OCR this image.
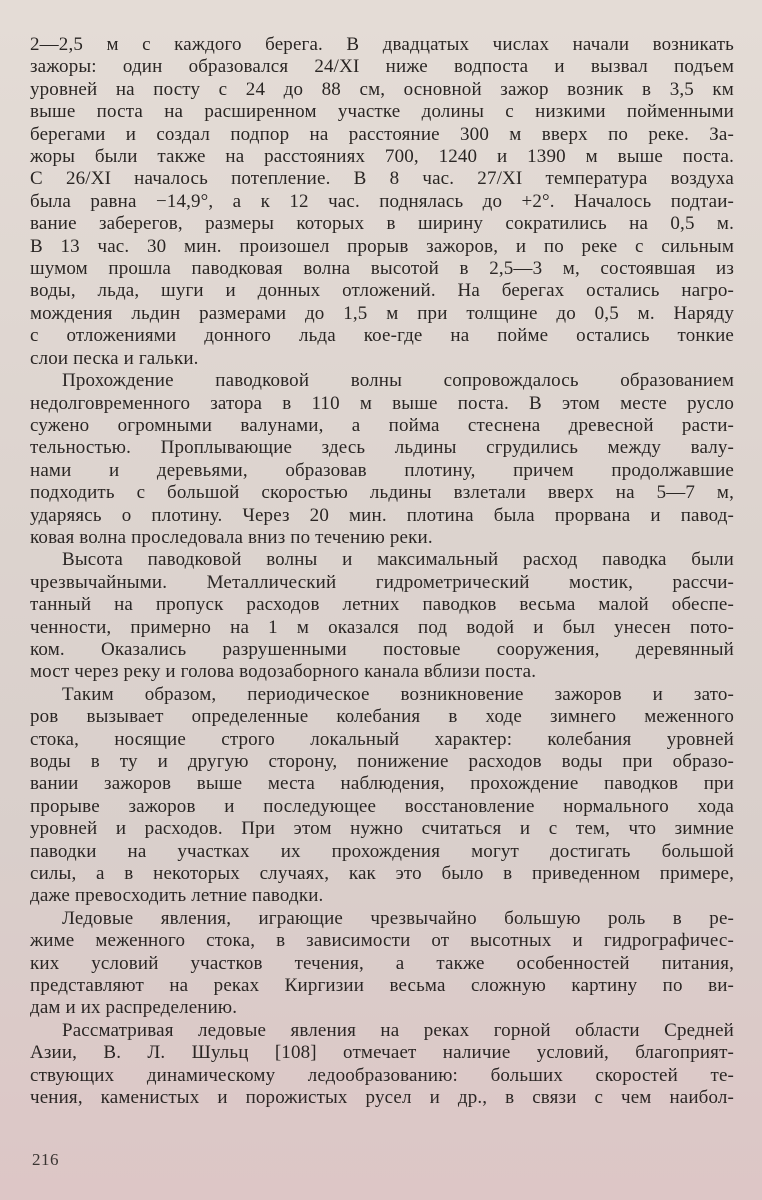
2—2,5 м с каждого берега. В двадцатых числах начали возникать
зажоры: один образовался 24/XI ниже водпоста и вызвал подъем
уровней на посту с 24 до 88 см, основной зажор возник в 3,5 км
выше поста на расширенном участке долины с низкими пойменными
берегами и создал подпор на расстояние 300 м вверх по реке. За-
жоры были также на расстояниях 700, 1240 и 1390 м выше поста.
С 26/XI началось потепление. В 8 час. 27/XI температура воздуха
была равна −14,9°, а к 12 час. поднялась до +2°. Началось подтаи-
вание заберегов, размеры которых в ширину сократились на 0,5 м.
В 13 час. 30 мин. произошел прорыв зажоров, и по реке с сильным
шумом прошла паводковая волна высотой в 2,5—3 м, состоявшая из
воды, льда, шуги и донных отложений. На берегах остались нагро-
мождения льдин размерами до 1,5 м при толщине до 0,5 м. Наряду
с отложениями донного льда кое-где на пойме остались тонкие
слои песка и гальки.

Прохождение паводковой волны сопровождалось образованием
недолговременного затора в 110 м выше поста. В этом месте русло
сужено огромными валунами, а пойма стеснена древесной расти-
тельностью. Проплывающие здесь льдины сгрудились между валу-
нами и деревьями, образовав плотину, причем продолжавшие
подходить с большой скоростью льдины взлетали вверх на 5—7 м,
ударяясь о плотину. Через 20 мин. плотина была прорвана и павод-
ковая волна проследовала вниз по течению реки.

Высота паводковой волны и максимальный расход паводка были
чрезвычайными. Металлический гидрометрический мостик, рассчи-
танный на пропуск расходов летних паводков весьма малой обеспе-
ченности, примерно на 1 м оказался под водой и был унесен пото-
ком. Оказались разрушенными постовые сооружения, деревянный
мост через реку и голова водозаборного канала вблизи поста.

Таким образом, периодическое возникновение зажоров и зато-
ров вызывает определенные колебания в ходе зимнего меженного
стока, носящие строго локальный характер: колебания уровней
воды в ту и другую сторону, понижение расходов воды при образо-
вании зажоров выше места наблюдения, прохождение паводков при
прорыве зажоров и последующее восстановление нормального хода
уровней и расходов. При этом нужно считаться и с тем, что зимние
паводки на участках их прохождения могут достигать большой
силы, а в некоторых случаях, как это было в приведенном примере,
даже превосходить летние паводки.

Ледовые явления, играющие чрезвычайно большую роль в ре-
жиме меженного стока, в зависимости от высотных и гидрографичес-
ких условий участков течения, а также особенностей питания,
представляют на реках Киргизии весьма сложную картину по ви-
дам и их распределению.

Рассматривая ледовые явления на реках горной области Средней
Азии, В. Л. Шульц [108] отмечает наличие условий, благоприят-
ствующих динамическому ледообразованию: больших скоростей те-
чения, каменистых и порожистых русел и др., в связи с чем наибол-

216
